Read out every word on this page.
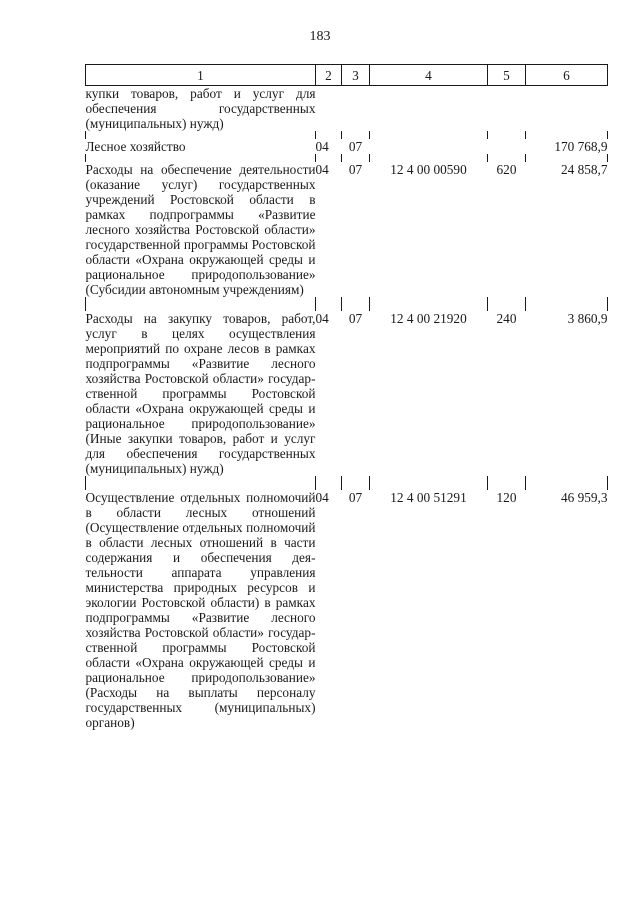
183
1	2	3	4	5	6
купки товаров, работ и услуг для обеспечения государственных (муниципальных) нужд)					

Лесное хозяйство	04	07			170 768,9

Расходы на обеспечение деятельности (оказание услуг) государственных учреждений Ростовской области в рамках подпрограммы «Развитие лесного хозяйства Ростовской области» государственной программы Ростовской области «Охрана окружающей среды и рациональное природопользование» (Субсидии автономным учреждениям)	04	07	12 4 00 00590	620	24 858,7

Расходы на закупку товаров, работ, услуг в целях осуществления мероприятий по охране лесов в рамках подпрограммы «Развитие лесного хозяйства Ростовской области» государственной программы Ростовской области «Охрана окружающей среды и рациональное природопользование» (Иные закупки товаров, работ и услуг для обеспечения государственных (муниципальных) нужд)	04	07	12 4 00 21920	240	3 860,9

Осуществление отдельных полномочий в области лесных отношений (Осуществление отдельных полномочий в области лесных отношений в части содержания и обеспечения деятельности аппарата управления министерства природных ресурсов и экологии Ростовской области) в рамках подпрограммы «Развитие лесного хозяйства Ростовской области» государственной программы Ростовской области «Охрана окружающей среды и рациональное природопользование» (Расходы на выплаты персоналу государственных (муниципальных) органов)	04	07	12 4 00 51291	120	46 959,3
